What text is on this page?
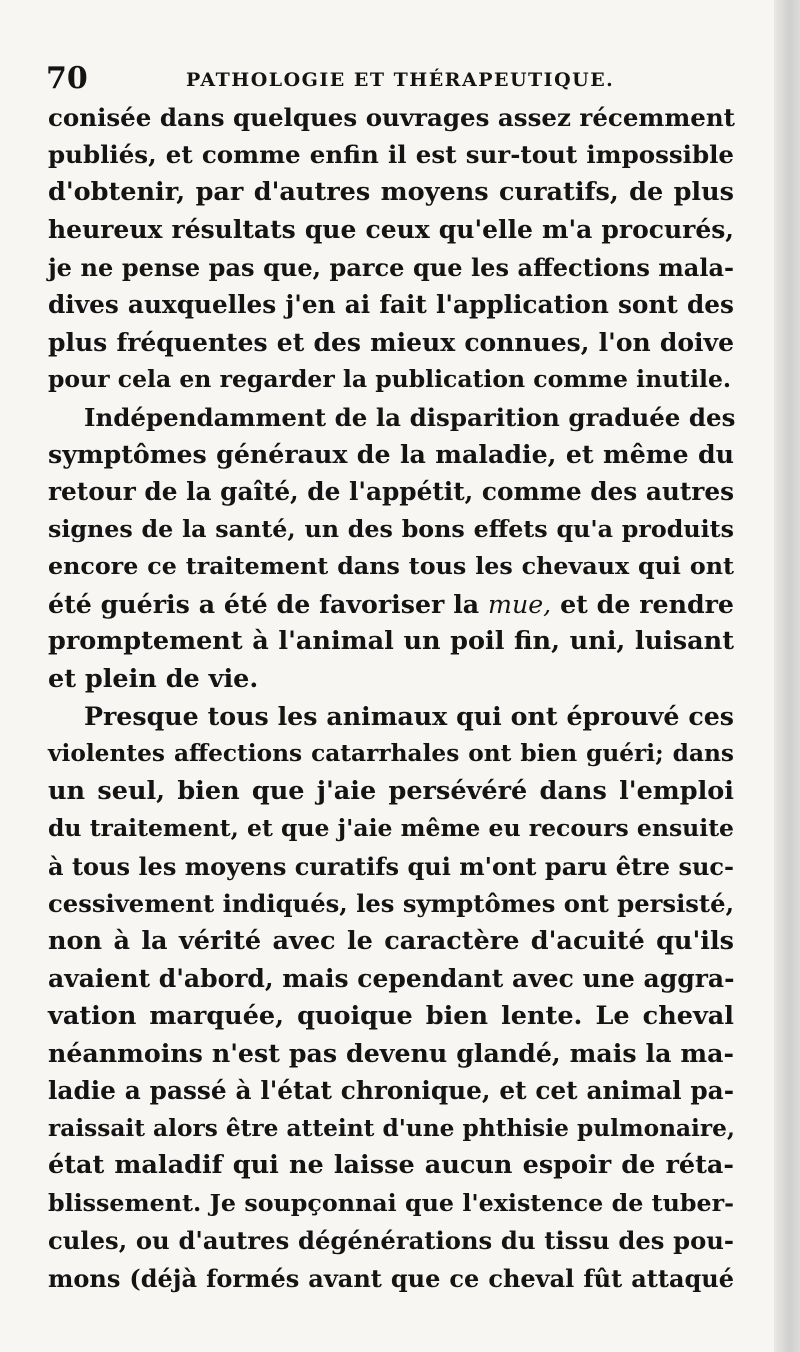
70	PATHOLOGIE ET THÉRAPEUTIQUE.
conisée dans quelques ouvrages assez récemment
publiés, et comme enfin il est sur-tout impossible
d'obtenir, par d'autres moyens curatifs, de plus
heureux résultats que ceux qu'elle m'a procurés,
je ne pense pas que, parce que les affections mala-
dives auxquelles j'en ai fait l'application sont des
plus fréquentes et des mieux connues, l'on doive
pour cela en regarder la publication comme inutile.
Indépendamment de la disparition graduée des
symptômes généraux de la maladie, et même du
retour de la gaîté, de l'appétit, comme des autres
signes de la santé, un des bons effets qu'a produits
encore ce traitement dans tous les chevaux qui ont
été guéris a été de favoriser la mue, et de rendre
promptement à l'animal un poil fin, uni, luisant
et plein de vie.
Presque tous les animaux qui ont éprouvé ces
violentes affections catarrhales ont bien guéri; dans
un seul, bien que j'aie persévéré dans l'emploi
du traitement, et que j'aie même eu recours ensuite
à tous les moyens curatifs qui m'ont paru être suc-
cessivement indiqués, les symptômes ont persisté,
non à la vérité avec le caractère d'acuité qu'ils
avaient d'abord, mais cependant avec une aggra-
vation marquée, quoique bien lente. Le cheval
néanmoins n'est pas devenu glandé, mais la ma-
ladie a passé à l'état chronique, et cet animal pa-
raissait alors être atteint d'une phthisie pulmonaire,
état maladif qui ne laisse aucun espoir de réta-
blissement. Je soupçonnai que l'existence de tuber-
cules, ou d'autres dégénérations du tissu des pou-
mons (déjà formés avant que ce cheval fût attaqué
